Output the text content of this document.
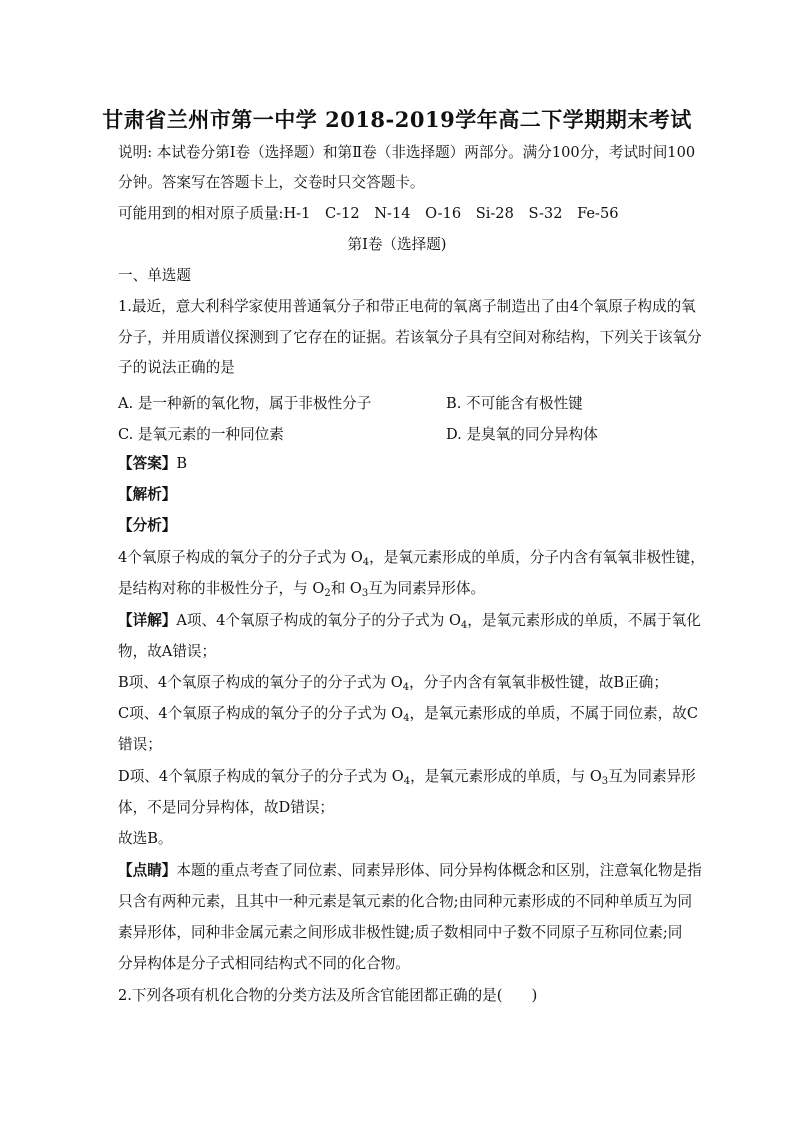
甘肃省兰州市第一中学 2018-2019学年高二下学期期末考试
说明: 本试卷分第Ⅰ卷（选择题）和第Ⅱ卷（非选择题）两部分。满分100分，考试时间100
分钟。答案写在答题卡上，交卷时只交答题卡。
可能用到的相对原子质量:H-1　C-12　N-14　O-16　Si-28　S-32　Fe-56
第Ⅰ卷（选择题)
一、单选题
1.最近，意大利科学家使用普通氧分子和带正电荷的氧离子制造出了由4个氧原子构成的氧
分子，并用质谱仪探测到了它存在的证据。若该氧分子具有空间对称结构，下列关于该氧分
子的说法正确的是
A. 是一种新的氧化物，属于非极性分子	B. 不可能含有极性键
C. 是氧元素的一种同位素	D. 是臭氧的同分异构体
【答案】B
【解析】
【分析】
4个氧原子构成的氧分子的分子式为 $O_4$，是氧元素形成的单质，分子内含有氧氧非极性键，
是结构对称的非极性分子，与 $O_2$和 $O_3$互为同素异形体。
【详解】A项、4个氧原子构成的氧分子的分子式为 $O_4$，是氧元素形成的单质，不属于氧化
物，故A错误；
B项、4个氧原子构成的氧分子的分子式为 $O_4$，分子内含有氧氧非极性键，故B正确；
C项、4个氧原子构成的氧分子的分子式为 $O_4$，是氧元素形成的单质，不属于同位素，故C
错误；
D项、4个氧原子构成的氧分子的分子式为 $O_4$，是氧元素形成的单质，与 $O_3$互为同素异形
体，不是同分异构体，故D错误；
故选B。
【点睛】本题的重点考查了同位素、同素异形体、同分异构体概念和区别，注意氧化物是指
只含有两种元素，且其中一种元素是氧元素的化合物;由同种元素形成的不同种单质互为同
素异形体，同种非金属元素之间形成非极性键;质子数相同中子数不同原子互称同位素;同
分异构体是分子式相同结构式不同的化合物。
2.下列各项有机化合物的分类方法及所含官能团都正确的是(　　)
